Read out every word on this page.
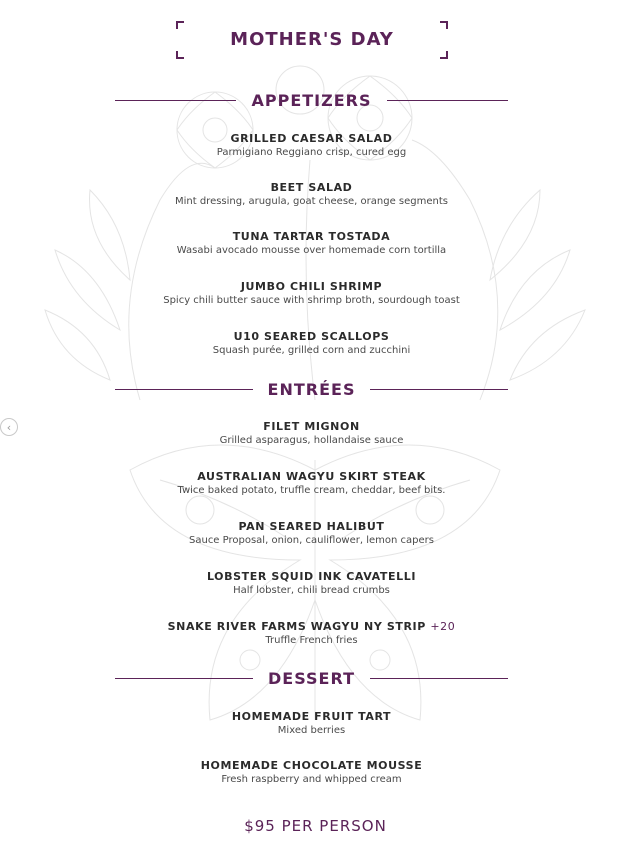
MOTHER'S DAY
APPETIZERS
GRILLED CAESAR SALAD
Parmigiano Reggiano crisp, cured egg
BEET SALAD
Mint dressing, arugula, goat cheese, orange segments
TUNA TARTAR TOSTADA
Wasabi avocado mousse over homemade corn tortilla
JUMBO CHILI SHRIMP
Spicy chili butter sauce with shrimp broth, sourdough toast
U10 SEARED SCALLOPS
Squash purée, grilled corn and zucchini
ENTRÉES
FILET MIGNON
Grilled asparagus, hollandaise sauce
AUSTRALIAN WAGYU SKIRT STEAK
Twice baked potato, truffle cream, cheddar, beef bits.
PAN SEARED HALIBUT
Sauce Proposal, onion, cauliflower, lemon capers
LOBSTER SQUID INK CAVATELLI
Half lobster, chili bread crumbs
SNAKE RIVER FARMS WAGYU NY STRIP +20
Truffle French fries
DESSERT
HOMEMADE FRUIT TART
Mixed berries
HOMEMADE CHOCOLATE MOUSSE
Fresh raspberry and whipped cream
$95 PER PERSON
‹
